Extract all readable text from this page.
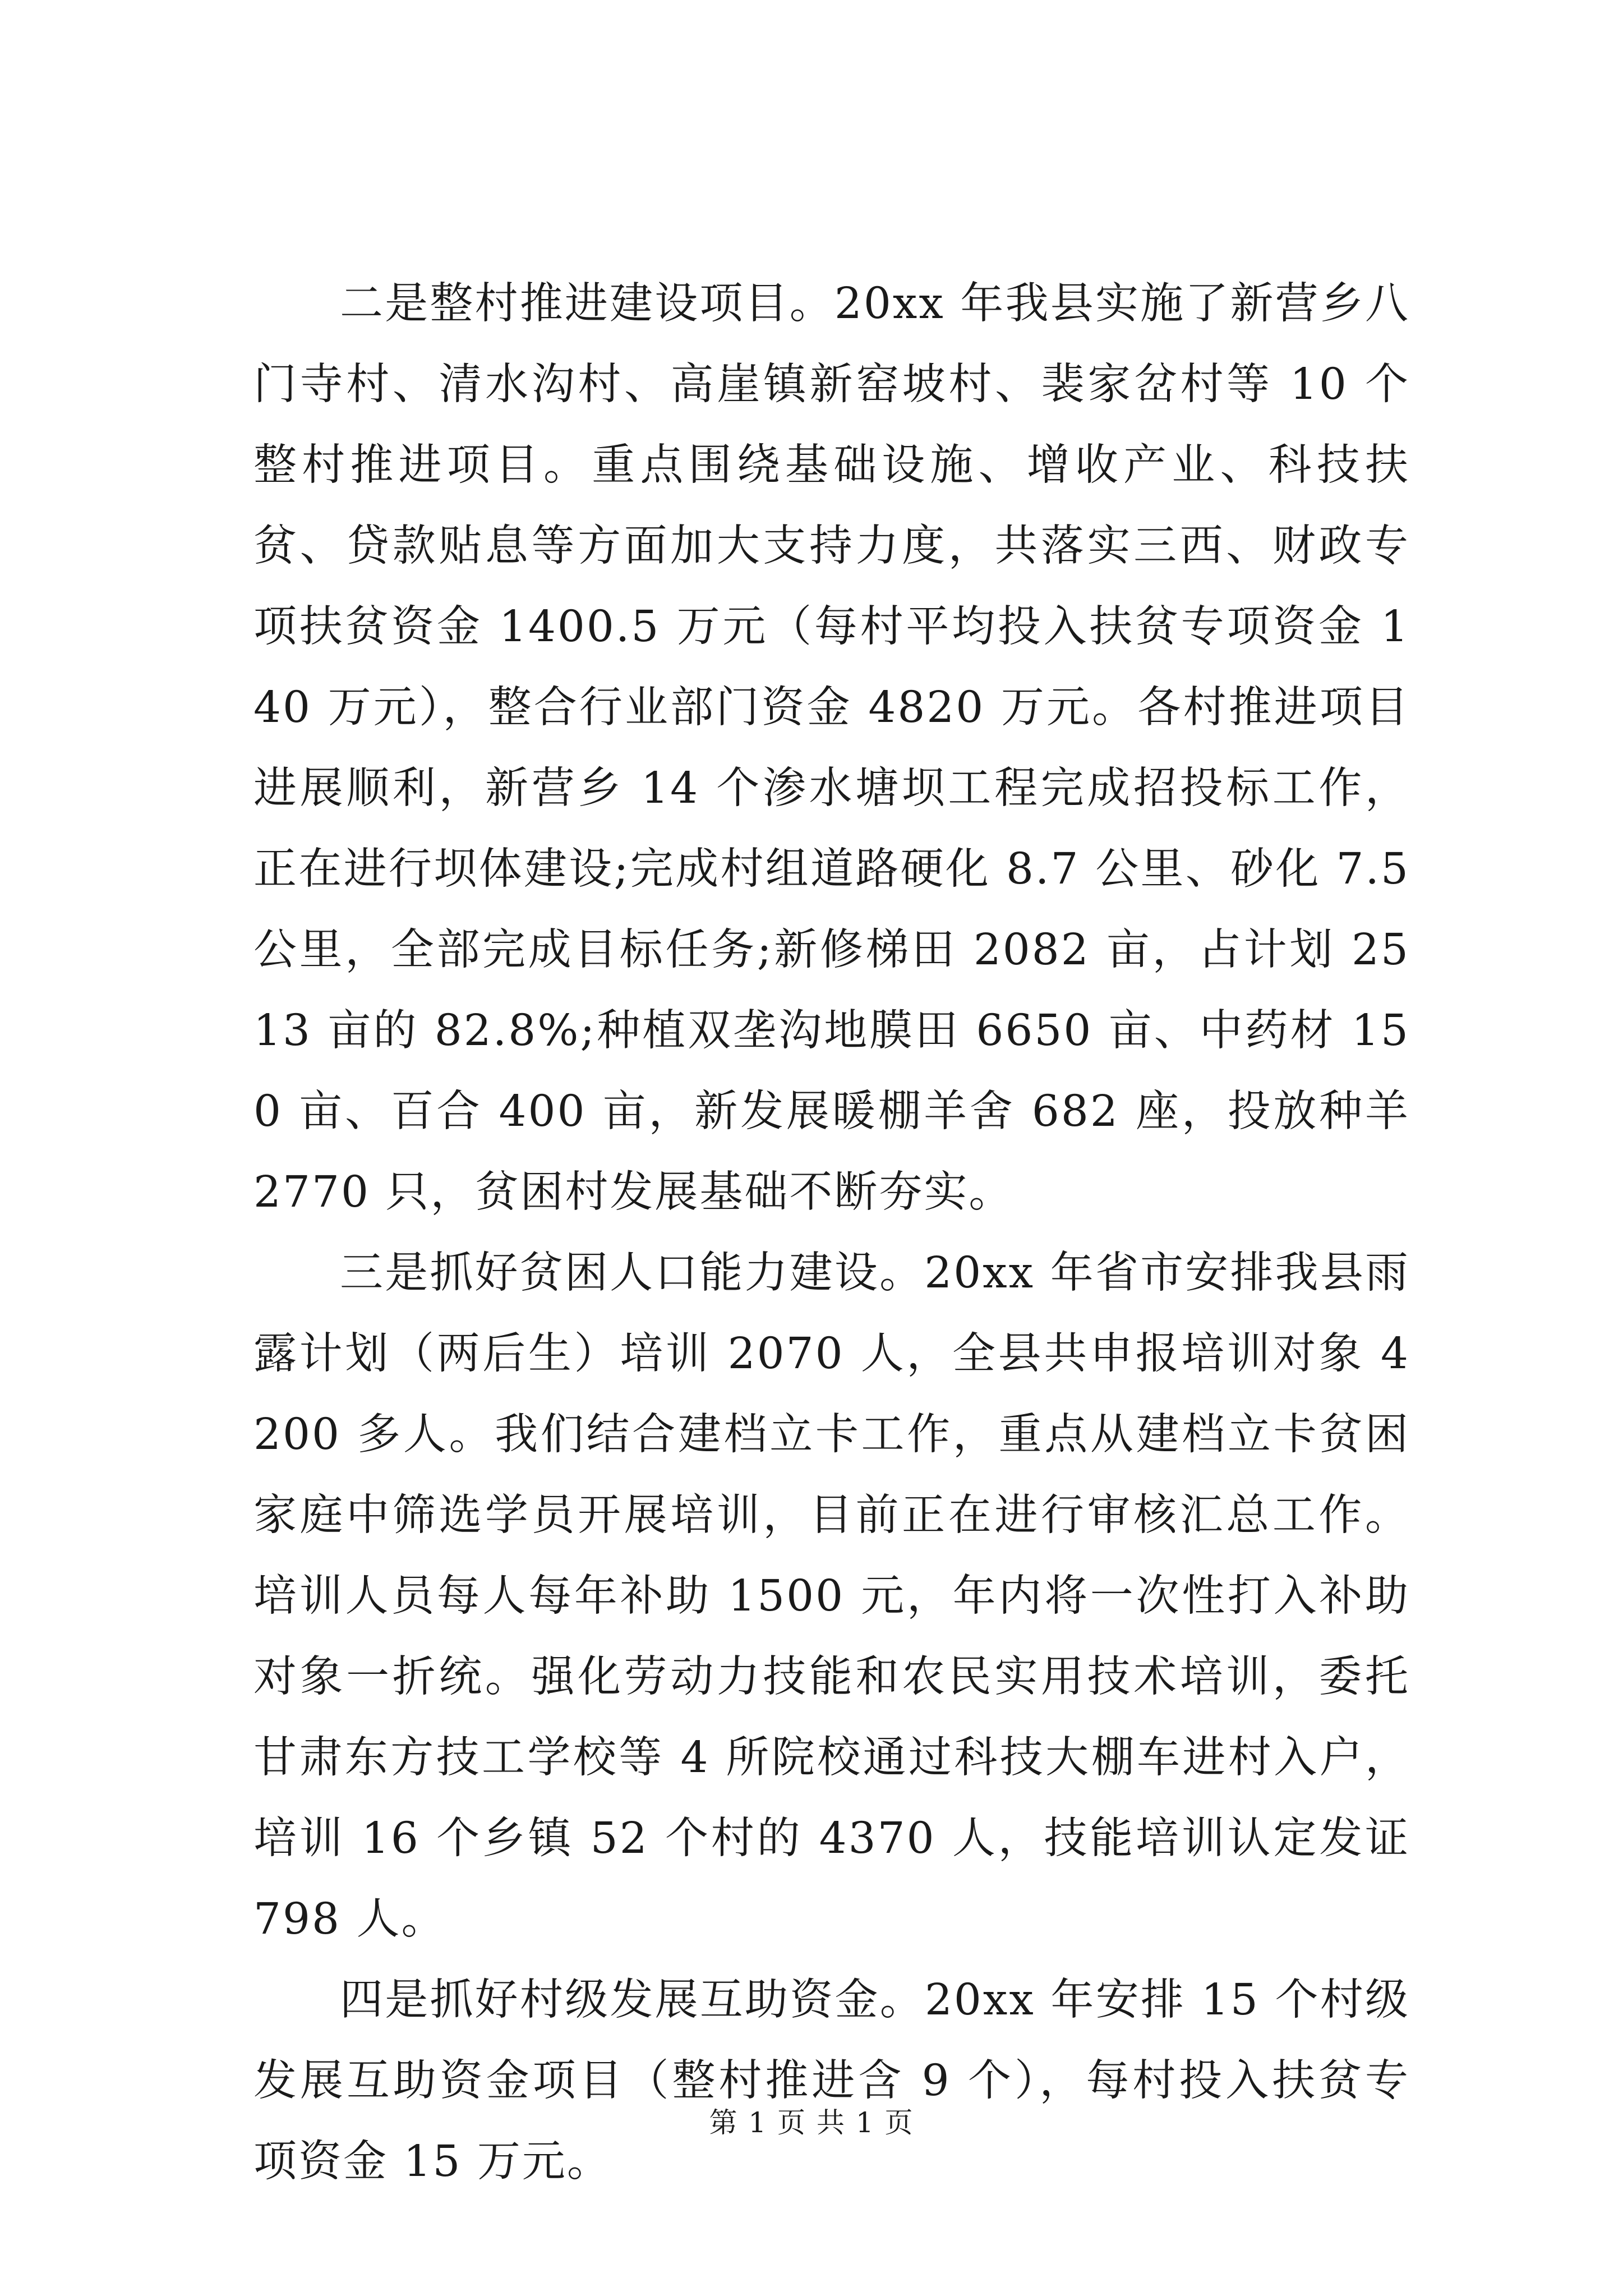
二是整村推进建设项目。20xx 年我县实施了新营乡八门寺村、清水沟村、高崖镇新窑坡村、裴家岔村等 10 个整村推进项目。重点围绕基础设施、增收产业、科技扶贫、贷款贴息等方面加大支持力度，共落实三西、财政专项扶贫资金 1400.5 万元（每村平均投入扶贫专项资金 140 万元），整合行业部门资金 4820 万元。各村推进项目进展顺利，新营乡 14 个渗水塘坝工程完成招投标工作，正在进行坝体建设;完成村组道路硬化 8.7 公里、砂化 7.5 公里，全部完成目标任务;新修梯田 2082 亩，占计划 2513 亩的 82.8%;种植双垄沟地膜田 6650 亩、中药材 150 亩、百合 400 亩，新发展暖棚羊舍 682 座，投放种羊 2770 只，贫困村发展基础不断夯实。

三是抓好贫困人口能力建设。20xx 年省市安排我县雨露计划（两后生）培训 2070 人，全县共申报培训对象 4200 多人。我们结合建档立卡工作，重点从建档立卡贫困家庭中筛选学员开展培训，目前正在进行审核汇总工作。培训人员每人每年补助 1500 元，年内将一次性打入补助对象一折统。强化劳动力技能和农民实用技术培训，委托甘肃东方技工学校等 4 所院校通过科技大棚车进村入户，培训 16 个乡镇 52 个村的 4370 人，技能培训认定发证 798 人。

四是抓好村级发展互助资金。20xx 年安排 15 个村级发展互助资金项目（整村推进含 9 个），每村投入扶贫专项资金 15 万元。

第 1 页 共 1 页
